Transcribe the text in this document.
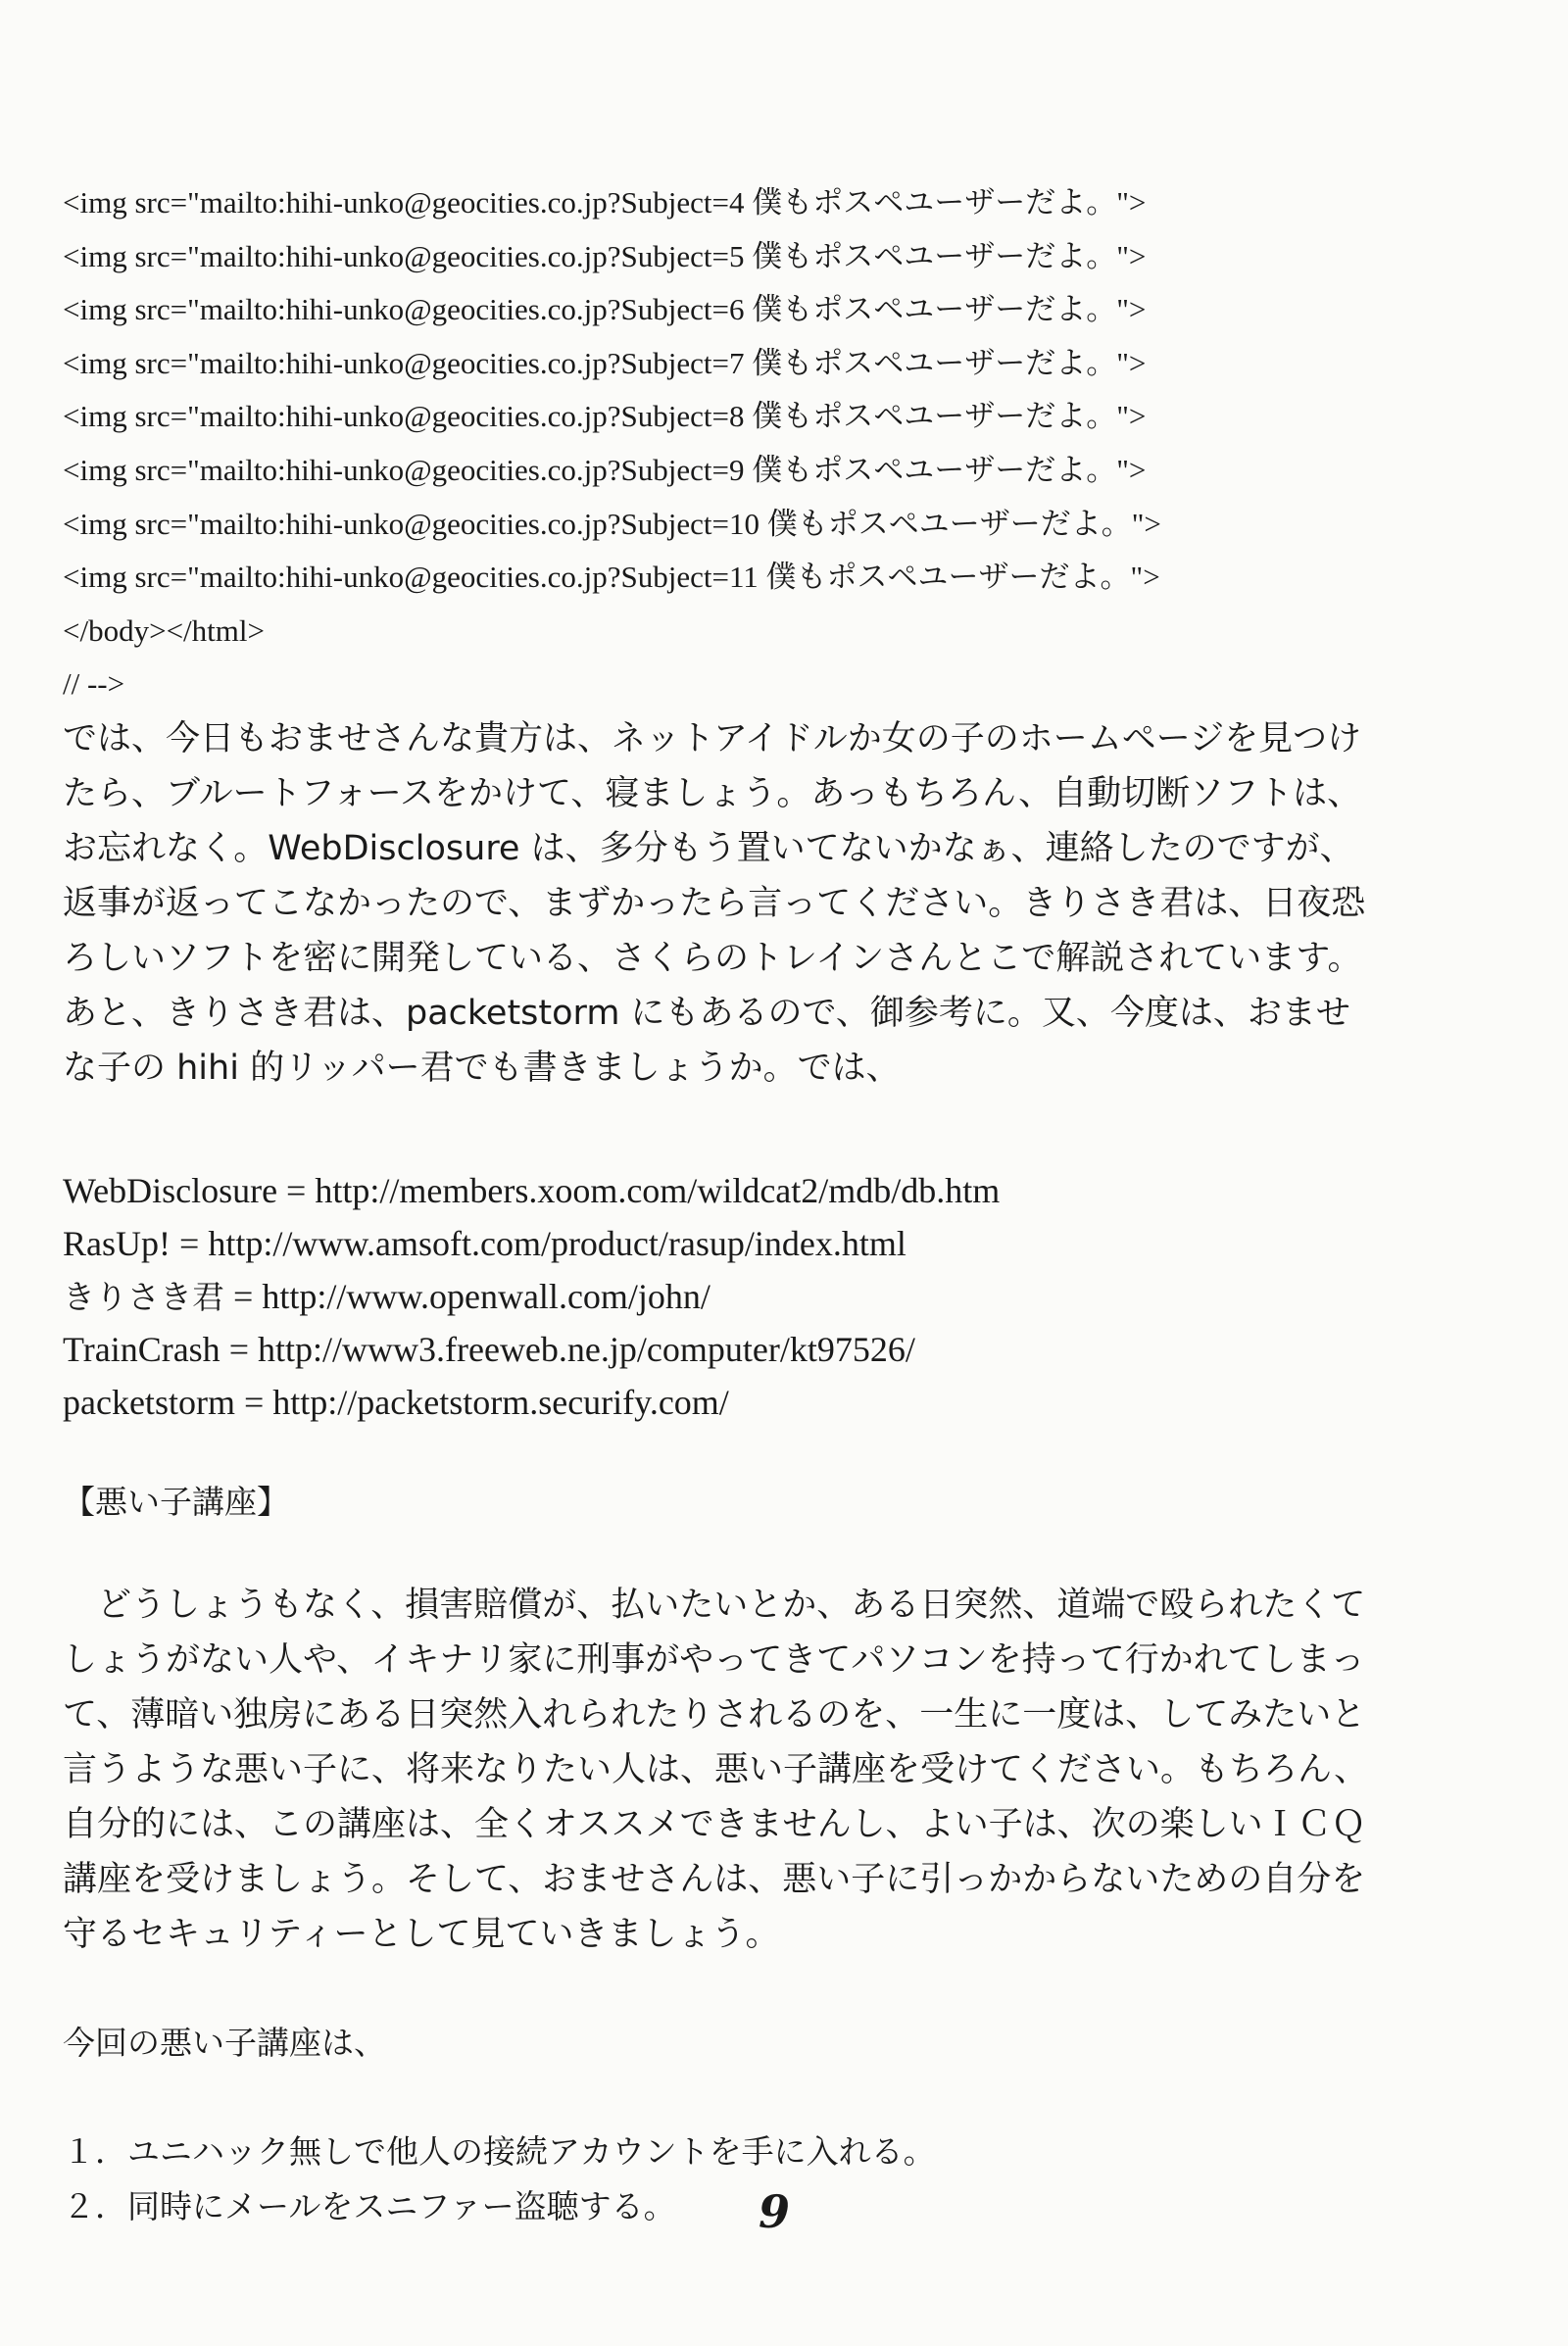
<img src="mailto:hihi-unko@geocities.co.jp?Subject=4 僕もポスペユーザーだよ。">
<img src="mailto:hihi-unko@geocities.co.jp?Subject=5 僕もポスペユーザーだよ。">
<img src="mailto:hihi-unko@geocities.co.jp?Subject=6 僕もポスペユーザーだよ。">
<img src="mailto:hihi-unko@geocities.co.jp?Subject=7 僕もポスペユーザーだよ。">
<img src="mailto:hihi-unko@geocities.co.jp?Subject=8 僕もポスペユーザーだよ。">
<img src="mailto:hihi-unko@geocities.co.jp?Subject=9 僕もポスペユーザーだよ。">
<img src="mailto:hihi-unko@geocities.co.jp?Subject=10 僕もポスペユーザーだよ。">
<img src="mailto:hihi-unko@geocities.co.jp?Subject=11 僕もポスペユーザーだよ。">
</body></html>
// -->

では、今日もおませさんな貴方は、ネットアイドルか女の子のホームページを見つけ
たら、ブルートフォースをかけて、寝ましょう。あっもちろん、自動切断ソフトは、
お忘れなく。WebDisclosure は、多分もう置いてないかなぁ、連絡したのですが、
返事が返ってこなかったので、まずかったら言ってください。きりさき君は、日夜恐
ろしいソフトを密に開発している、さくらのトレインさんとこで解説されています。
あと、きりさき君は、packetstorm にもあるので、御参考に。又、今度は、おませ
な子の hihi 的リッパー君でも書きましょうか。では、

WebDisclosure = http://members.xoom.com/wildcat2/mdb/db.htm
RasUp! = http://www.amsoft.com/product/rasup/index.html
きりさき君 = http://www.openwall.com/john/
TrainCrash = http://www3.freeweb.ne.jp/computer/kt97526/
packetstorm = http://packetstorm.securify.com/
【悪い子講座】

　どうしょうもなく、損害賠償が、払いたいとか、ある日突然、道端で殴られたくて
しょうがない人や、イキナリ家に刑事がやってきてパソコンを持って行かれてしまっ
て、薄暗い独房にある日突然入れられたりされるのを、一生に一度は、してみたいと
言うような悪い子に、将来なりたい人は、悪い子講座を受けてください。もちろん、
自分的には、この講座は、全くオススメできませんし、よい子は、次の楽しいＩＣＱ
講座を受けましょう。そして、おませさんは、悪い子に引っかからないための自分を
守るセキュリティーとして見ていきましょう。

今回の悪い子講座は、
１．ユニハック無しで他人の接続アカウントを手に入れる。
２．同時にメールをスニファー盗聴する。	9
